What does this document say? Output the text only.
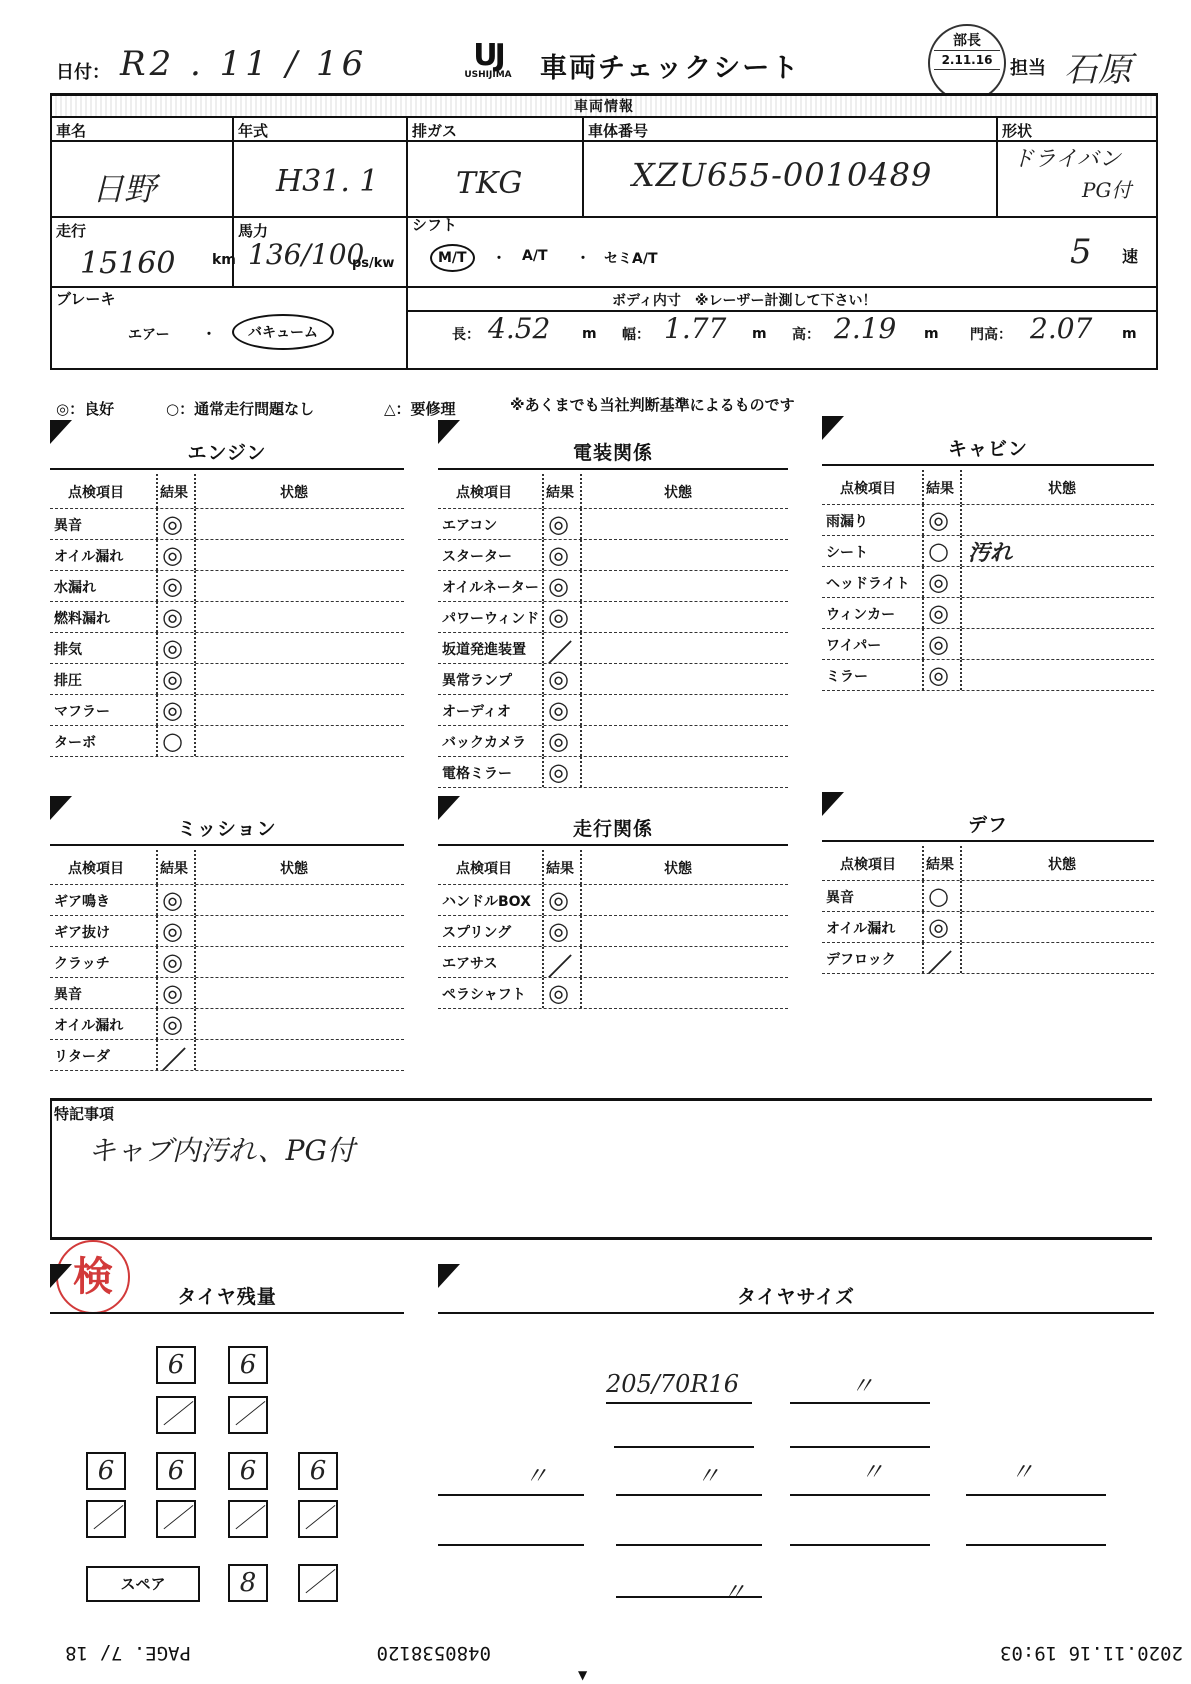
日付： R2 . 11 / 16	UJ
USHIJIMA	車両チェックシート
部長
2.11.16 担当 石原
車両情報
車名	年式	排ガス	車体番号	形状
日野	H31. 1	TKG	XZU655-0010489	ドライバン
PG付
走行	馬力	シフト
15160	km 136/100
ps/kw	M/T	・ A/T ・ セミA/T	5 速
ブレーキ
エアー ・	バキューム
ボディ内寸　※レーザー計測して下さい！
長： 4.52 m 幅： 1.77 m 高： 2.19 m 門高： 2.07 m
◎：良好	○：通常走行問題なし	△：要修理	※あくまでも当社判断基準によるものです
エンジン	電装関係	キャビン
ミッション	走行関係	デフ
点検項目	結果	状態
異音	◎
オイル漏れ ◎
水漏れ	◎
燃料漏れ ◎
排気	◎
排圧	◎
マフラー ◎
ターボ	○
点検項目 結果	状態
エアコン ◎
スターター ◎
オイルネーター ◎
パワーウィンド ◎
坂道発進装置 ／
異常ランプ ◎
オーディオ ◎
バックカメラ ◎
電格ミラー ◎
点検項目 結果	状態
雨漏り	◎
シート	○ 汚れ
ヘッドライト ◎
ウィンカー ◎
ワイパー ◎
ミラー	◎
点検項目	結果	状態
ギア鳴き ◎
ギア抜け ◎
クラッチ ◎
異音	◎
オイル漏れ ◎
リターダ ／
点検項目 結果	状態
ハンドルBOX ◎
スプリング ◎
エアサス ／
ペラシャフト ◎
点検項目 結果	状態
異音	○
オイル漏れ ◎
デフロック ／
特記事項
キャブ内汚れ、PG付
検	タイヤ残量	タイヤサイズ
6	6
／ ／
6	6	6	6
／ ／ ／ ／
スペア	8	／
205/70R16	〃
〃	〃	〃	〃
〃
2020.11.16 19:03
0480538120
PAGE. 7/ 18
▼
